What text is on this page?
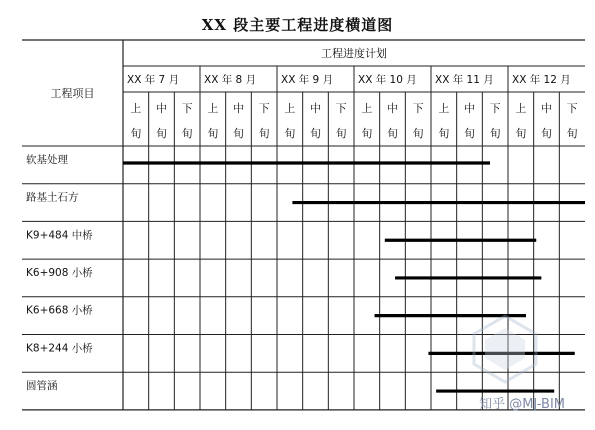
XX 段主要工程进度横道图
工程进度计划
工程项目
XX 年 7 月 XX 年 8 月 XX 年 9 月 XX 年 10 月 XX 年 11 月 XX 年 12 月
上
旬
中
旬
下
旬
上
旬
中
旬
下
旬
上
旬
中
旬
下
旬
上
旬
中
旬
下
旬
上
旬
中
旬
下
旬
上
旬
中
旬
下
旬
软基处理
路基土石方
K9+484 中桥
K6+908 小桥
K6+668 小桥
K8+244 小桥
圆管涵
知乎 @MJ-BIM
